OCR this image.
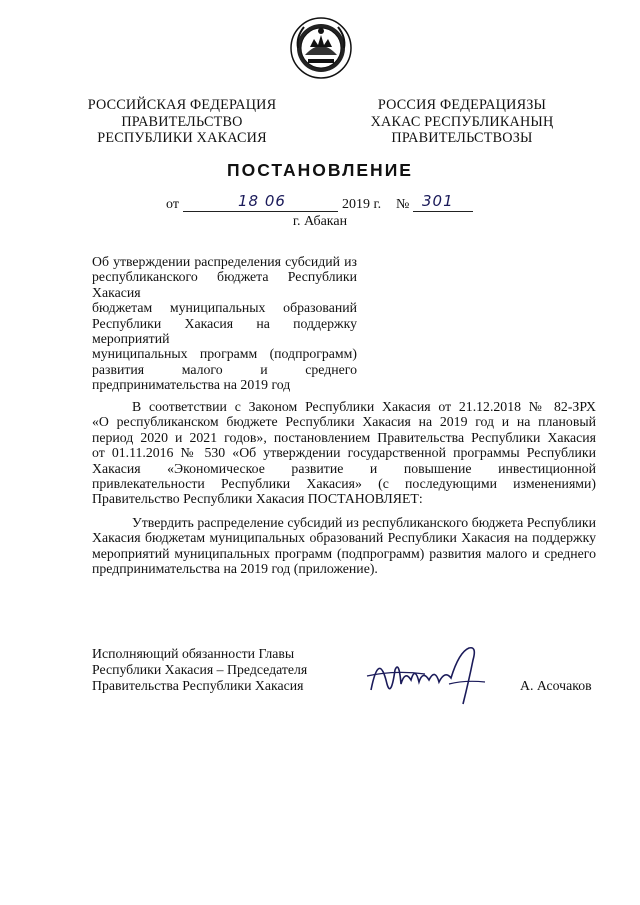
РОССИЙСКАЯ ФЕДЕРАЦИЯ
ПРАВИТЕЛЬСТВО
РЕСПУБЛИКИ ХАКАСИЯ
РОССИЯ ФЕДЕРАЦИЯЗЫ
ХАКАС РЕСПУБЛИКАНЫҢ
ПРАВИТЕЛЬСТВОЗЫ
ПОСТАНОВЛЕНИЕ
от	18 06	2019 г. № 301
г. Абакан
Об утверждении распределения субсидий из
республиканского бюджета Республики Хакасия
бюджетам муниципальных образований
Республики Хакасия на поддержку мероприятий
муниципальных программ (подпрограмм)
развития малого и среднего
предпринимательства на 2019 год
В соответствии с Законом Республики Хакасия от 21.12.2018 № 82-ЗРХ
«О республиканском бюджете Республики Хакасия на 2019 год и на плановый
период 2020 и 2021 годов», постановлением Правительства Республики Хакасия
от 01.11.2016 № 530 «Об утверждении государственной программы Республики
Хакасия «Экономическое развитие и повышение инвестиционной
привлекательности Республики Хакасия» (с последующими изменениями)
Правительство Республики Хакасия ПОСТАНОВЛЯЕТ:
Утвердить распределение субсидий из республиканского бюджета Республики
Хакасия бюджетам муниципальных образований Республики Хакасия на поддержку
мероприятий муниципальных программ (подпрограмм) развития малого и среднего
предпринимательства на 2019 год (приложение).
Исполняющий обязанности Главы
Республики Хакасия – Председателя
Правительства Республики Хакасия	А. Асочаков
